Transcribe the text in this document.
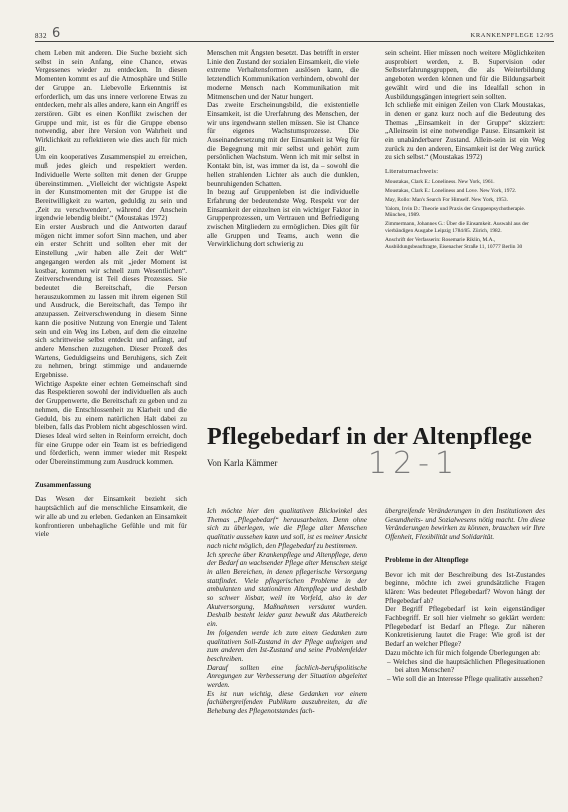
832 6	KRANKENPFLEGE 12/95

chem Leben mit anderen. Die Suche bezieht sich selbst in sein Anfang, eine Chance, etwas Vergessenes wieder zu entdecken. In diesen Momenten kommt es auf die Atmosphäre und Stille der Gruppe an. Liebevolle Erkenntnis ist erforderlich, um das uns innere verlorene Etwas zu entdecken, mehr als alles andere, kann ein Angriff es zerstören. Gibt es einen Konflikt zwischen der Gruppe und mir, ist es für die Gruppe ebenso notwendig, aber ihre Version von Wahrheit und Wirklichkeit zu reflektieren wie dies auch für mich gilt.

Um ein kooperatives Zusammenspiel zu erreichen, muß jedes gleich und respektiert werden. Individuelle Werte sollten mit denen der Gruppe übereinstimmen. „Vielleicht der wichtigste Aspekt in der Kunstmomenten mit der Gruppe ist die Bereitwilligkeit zu warten, geduldig zu sein und ‚Zeit zu verschwenden‘, während der Anschein irgendwie lebendig bleibt.“ (Moustakas 1972)

Ein erster Ausbruch und die Antworten darauf mögen nicht immer sofort Sinn machen, und aber ein erster Schritt und sollten eher mit der Einstellung „wir haben alle Zeit der Welt“ angegangen werden als mit „jeder Moment ist kostbar, kommen wir schnell zum Wesentlichen“. Zeitverschwendung ist Teil dieses Prozesses. Sie bedeutet die Bereitschaft, die Person herauszukommen zu lassen mit ihrem eigenen Stil und Ausdruck, die Bereitschaft, das Tempo ihr anzupassen. Zeitverschwendung in diesem Sinne kann die positive Nutzung von Energie und Talent sein und ein Weg ins Leben, auf dem die einzelne sich schrittweise selbst entdeckt und anfängt, auf andere Menschen zuzugehen. Dieser Prozeß des Wartens, Geduldigseins und Beruhigens, sich Zeit zu nehmen, bringt stimmige und andauernde Ergebnisse.

Wichtige Aspekte einer echten Gemeinschaft sind das Respektieren sowohl der individuellen als auch der Gruppenwerte, die Bereitschaft zu geben und zu nehmen, die Entschlossenheit zu Klarheit und die Geduld, bis zu einem natürlichen Halt dabei zu bleiben, falls das Problem nicht abgeschlossen wird. Dieses Ideal wird selten in Reinform erreicht, doch für eine Gruppe oder ein Team ist es befriedigend und förderlich, wenn immer wieder mit Respekt oder Übereinstimmung zum Ausdruck kommen.

Zusammenfassung

Das Wesen der Einsamkeit bezieht sich hauptsächlich auf die menschliche Einsamkeit, die wir alle ab und zu erleben. Gedanken an Einsamkeit konfrontieren unbehagliche Gefühle und mit für viele

Menschen mit Ängsten besetzt. Das betrifft in erster Linie den Zustand der sozialen Einsamkeit, die viele extreme Verhaltensformen auslösen kann, die letztendlich Kommunikation verhindern, obwohl der moderne Mensch nach Kommunikation mit Mitmenschen und der Natur hungert.

Das zweite Erscheinungsbild, die existentielle Einsamkeit, ist die Urerfahrung des Menschen, der wir uns irgendwann stellen müssen. Sie ist Chance für eigenes Wachstumsprozesse. Die Auseinandersetzung mit der Einsamkeit ist Weg für die Begegnung mit mir selbst und gehört zum persönlichen Wachstum. Wenn ich mit mir selbst in Kontakt bin, ist, was immer da ist, da – sowohl die hellen strahlenden Lichter als auch die dunklen, beunruhigenden Schatten.

In bezug auf Gruppenleben ist die individuelle Erfahrung der bedeutendste Weg. Respekt vor der Einsamkeit der einzelnen ist ein wichtiger Faktor in Gruppenprozessen, um Vertrauen und Befriedigung zwischen Mitgliedern zu ermöglichen. Dies gilt für alle Gruppen und Teams, auch wenn die Verwirklichung dort schwierig zu

sein scheint. Hier müssen noch weitere Möglichkeiten ausprobiert werden, z. B. Supervision oder Selbsterfahrungsgruppen, die als Weiterbildung angeboten werden können und für die Bildungsarbeit gewählt wird und die ins Idealfall schon in Ausbildungsgängen integriert sein sollten.

Ich schließe mit einigen Zeilen von Clark Moustakas, in denen er ganz kurz noch auf die Bedeutung des Themas „Einsamkeit in der Gruppe“ skizziert: „Alleinsein ist eine notwendige Pause. Einsamkeit ist ein unabänderbarer Zustand. Allein-sein ist ein Weg zurück zu den anderen, Einsamkeit ist der Weg zurück zu sich selbst.“ (Moustakas 1972)

Literaturnachweis:

Moustakas, Clark E.: Loneliness. New York, 1961.

Moustakas, Clark E.: Loneliness and Love. New York, 1972.

May, Rollo: Man's Search For Himself. New York, 1953.

Yalom, Irvin D.: Theorie und Praxis der Gruppenpsychotherapie. München, 1989.

Zimmermann, Johannes G.: Über die Einsamkeit. Auswahl aus der vierbändigen Ausgabe Leipzig 1784/85. Zürich, 1982.

Anschrift der Verfasserin: Rosemarie Riklin, M.A., Ausbildungsbeauftragte, Eisenacher Straße 11, 10777 Berlin 30

Pflegebedarf in der Altenpflege
Von Karla Kämmer	12-1

Ich möchte hier den qualitativen Blickwinkel des Themas „Pflegebedarf“ herausarbeiten. Denn ohne sich zu überlegen, wie die Pflege alter Menschen qualitativ aussehen kann und soll, ist es meiner Ansicht nach nicht möglich, den Pflegebedarf zu bestimmen.
Ich spreche über Krankenpflege und Altenpflege, denn der Bedarf an wachsender Pflege alter Menschen steigt in allen Bereichen, in denen pflegerische Versorgung stattfindet. Viele pflegerischen Probleme in der ambulanten und stationären Altenpflege und deshalb so schwer lösbar, weil im Vorfeld, also in der Akutversorgung, Maßnahmen versäumt wurden. Deshalb besteht leider ganz bewußt das Akutbereich ein.
Im folgenden werde ich zum einen Gedanken zum qualitativen Soll-Zustand in der Pflege aufzeigen und zum anderen den Ist-Zustand und seine Problemfelder beschreiben.
Darauf sollten eine fachlich-berufspolitische Anregungen zur Verbesserung der Situation abgeleitet werden.
Es ist nun wichtig, diese Gedanken vor einem fachübergreifenden Publikum auszubreiten, da die Behebung des Pflegenotstandes fach-

übergreifende Veränderungen in den Institutionen des Gesundheits- und Sozialwesens nötig macht. Um diese Veränderungen bewirken zu können, brauchen wir Ihre Offenheit, Flexibilität und Solidarität.

Probleme in der Altenpflege

Bevor ich mit der Beschreibung des Ist-Zustandes beginne, möchte ich zwei grundsätzliche Fragen klären: Was bedeutet Pflegebedarf? Wovon hängt der Pflegebedarf ab?
Der Begriff Pflegebedarf ist kein eigenständiger Fachbegriff. Er soll hier vielmehr so geklärt werden: Pflegebedarf ist Bedarf an Pflege. Zur näheren Konkretisierung lautet die Frage: Wie groß ist der Bedarf an welcher Pflege?
Dazu möchte ich für mich folgende Überlegungen ab:

– Welches sind die hauptsächlichen Pflegesituationen bei alten Menschen?
– Wie soll die an Interesse Pflege qualitativ aussehen?
